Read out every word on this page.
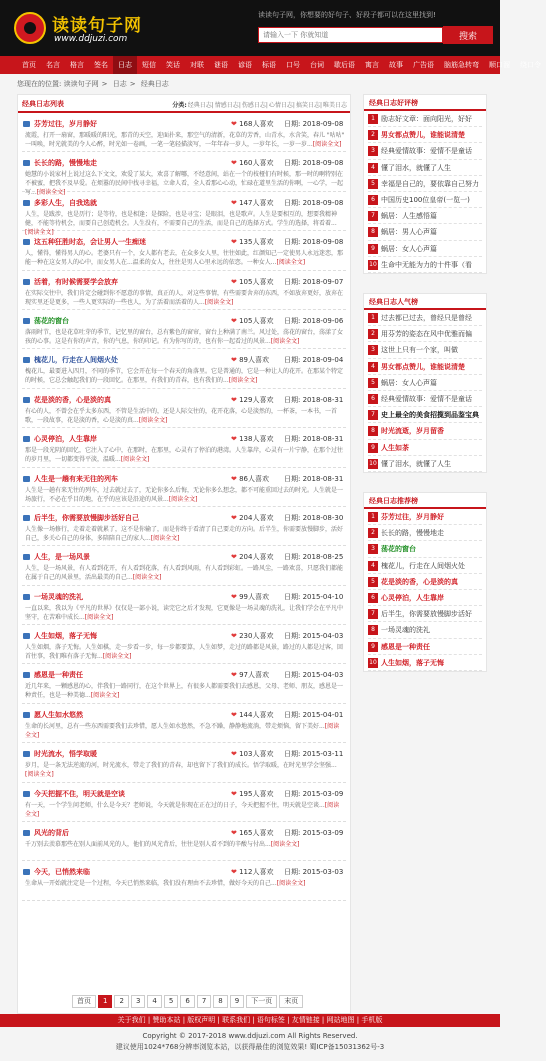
读读句子网
www.ddjuzi.com
读读句子网，你想要的好句子、好段子都可以在这里找到!
请输入一下 你就知道
搜索
首页	名言	格言	签名	日志	短信	笑话	对联	谜语	谚语	标语	口号	台词	歇后语	寓言	故事	广告语	脑筋急转弯	顺口溜	绕口令
您现在的位置: 读读句子网 > 日志 > 经典日志
经典日志列表	分类:经典日志|情感日志|伤感日志|心情日志|搞笑日志|唯美日志
芬芳过往，岁月静好	❤ 168人喜欢 日期: 2018-09-08
流霞，打开一扇窗，那暖暖的阳光，那青的天空，迎面扑来，那空气的清新，花草的芳香，山青水，水含笑，春儿 "咕咕" 一叫唤，时光就美的令人心醉，时光如一卷画，一笔一笔轻描淡写，一年年春一岁人，一岁年长，一岁一岁...[阅读全文]
长长的路，慢慢地走	❤ 160人喜欢 日期: 2018-09-08
她慧的小说家村上说过这么下文文，欢爱了某大，欢喜了解哪，不经意间，站在一个的枝桠们有时候，那一时的啊特别在不被蜜，把我不及早爱。在烦嚣的民间中找寻幸福，立命人看，全人看那心心动，忙碌在道里生活的你啊，一心学，一起写...[阅读全文]
多彩人生，自我选就	❤ 147人喜欢 日期: 2018-09-08
人生，是跋涉，也是历行；是等待，也是相逢；是探险，也是寻宝；是眼泪，也是歌声。人生是要相互的，想要我精神健，不能等待机会，而要自己创造机会。人生没有，不需要自己的生活，而是自己的选择方式。学生的选择，将看着...[阅读全文]
这五种狂胜时态，会让男人一生痴迷	❤ 135人喜欢 日期: 2018-09-08
人，懂得，懂得男人的心。老婆只有一个，女人都有老去，在众多女人里，往往如此，红颜知己一定使男人永远迷恋，那能一种在这女男人的心中，而女男人在...温柔的女人，往往是男人心里永远的依恋。一种女人...[阅读全文]
活着，有时候需要学会放弃	❤ 105人喜欢 日期: 2018-09-07
在实际交往中，我们肯定会碰到你不愿意的事情，真正的人，对这些事情，有些需要舍弃的东西，不如放弃更好，放弃在现实里还是更多，一些人更实际的一些也人，为了活着而活着的人...[阅读全文]
荡花的窗台	❤ 105人喜欢 日期: 2018-09-06
落雨时节，也是花草吐芽的季节，记忆里的窗台，总有紫色的窗帘，窗台上种满了南兰。风过处，荡花的窗台，荡漾了女孩的心事。这是有你的声音，你的气息，你的印记。有为你写的诗，也有你一起看过的风景...[阅读全文]
槐花儿，行走在人间烟火处	❤ 89人喜欢 日期: 2018-09-04
槐花儿，最要进入四月，不同的季节，它会开在每一个春天的角落里。它是普通的，它是一种让人的花开。在那某个特定的时候，它总会触起我们的一段回忆。在那里，有我们的青春，也有我们的...[阅读全文]
花是淡的香，心是淡的真	❤ 129人喜欢 日期: 2018-08-31
有心的人，不曾会在乎太多东西，不管是生活中的，还是人际交往的，花开花落，心是淡然的，一杯茶，一本书，一首歌，一段故事，花是淡的香，心是淡的真...[阅读全文]
心灵停泊，人生靠岸	❤ 138人喜欢 日期: 2018-08-31
那是一段光阴的回忆，它注入了心中，在那时，在那里，心灵有了停泊的港湾。人生靠岸，心灵有一片宁静，在那个过往的岁月里，一切都变得平淡，温暖...[阅读全文]
人生是一趟有来无往的列车	❤ 86人喜欢 日期: 2018-08-31
人生是一趟有来无往的列车，过去就过去了，无论你多么后悔，无论你多么想念，都不可能重回过去的时光。人生就是一场旅行，不必在乎目的地，在乎的应该是沿途的风景...[阅读全文]
后半生，你需要放慢脚步活好自己	❤ 204人喜欢 日期: 2018-08-30
人生像一场修行，走着走着就累了，这不是你输了，而是你终于看清了自己要走的方向。后半生，你需要放慢脚步，活好自己，多关心自己的身体，多陪陪自己的家人...[阅读全文]
人生，是一场风景	❤ 204人喜欢 日期: 2018-08-25
人生，是一场风景，有人看到花开，有人看到花落，有人看到风雨，有人看到彩虹。一路风尘，一路欢喜，只愿我们都能在属于自己的风景里，活出最美的自己...[阅读全文]
一场灵魂的洗礼	❤ 99人喜欢 日期: 2015-04-10
一直以来，我以为《平凡的世界》仅仅是一部小说，读完它之后才发现，它更像是一场灵魂的洗礼，让我们学会在平凡中坚守，在苦难中成长...[阅读全文]
人生如烟，落子无悔	❤ 230人喜欢 日期: 2015-04-03
人生如烟，落子无悔。人生如棋，走一步看一步，每一步都要算，人生如梦，走过的路都是风景，路过的人都是过客，回首往事，我们唯有落子无悔...[阅读全文]
感恩是一种责任	❤ 97人喜欢 日期: 2015-04-03
近几年来，一颗感恩的心，伴我们一路同行，在这个世界上，有很多人都需要我们去感恩，父母、老师、朋友，感恩是一种责任，也是一种美德...[阅读全文]
愿人生如水悠然	❤ 144人喜欢 日期: 2015-04-01
生命的长河里，总有一些东西需要我们去珍惜，愿人生如水悠然，不急不躁，静静地流淌，带走烦恼，留下美好...[阅读全文]
时光流水，悟学取暖	❤ 103人喜欢 日期: 2015-03-11
岁月，是一条无法逆流的河，时光流水，带走了我们的青春，却也留下了我们的成长。悟学取暖，在时光里学会坚强...[阅读全文]
今天把握不住，明天就是空谈	❤ 195人喜欢 日期: 2015-03-09
有一天，一个学生问老师，什么是今天？老师说，今天就是你现在正在过的日子，今天把握不住，明天就是空谈...[阅读全文]
风光的背后	❤ 165人喜欢 日期: 2015-03-09
千万别去羡慕那些在别人面前风光的人，他们的风光背后，往往是别人看不到的辛酸与付出...[阅读全文]
今天，已悄然来临	❤ 112人喜欢 日期: 2015-03-03
生命从一开始就注定是一个过程，今天已悄然来临，我们没有理由不去珍惜，做好今天的自己...[阅读全文]
首页	1	2	3	4	5	6	7	8	9	下一页	末页
经典日志好评榜
1 励志好文章：面向阳光，好好
2 男女都点赞儿，谁能说清楚
3 经典爱情故事：爱情不是童话
4 懂了泪水，就懂了人生
5 幸福是自己的，要依靠自己努力
6 中国历史100位皇帝(一览一)
7 蜗居：人生感悟篇
8 蜗居：男人心声篇
9 蜗居：女人心声篇
10 生命中无能为力的十件事（看
经典日志人气榜
1 过去都已过去，曾经只是曾经
2 用芬芳的姿态在风中优雅而偏
3 这世上只有一个家，叫做
4 男女都点赞儿，谁能说清楚
5 蜗居：女人心声篇
6 经典爱情故事：爱情不是童话
7 史上最全的美食招揽到品鉴宝典
8 时光流逝，岁月留香
9 人生如茶
10 懂了泪水，就懂了人生
经典日志推荐榜
1 芬芳过往，岁月静好
2 长长的路，慢慢地走
3 荡花的窗台
4 槐花儿，行走在人间烟火处
5 花是淡的香，心是淡的真
6 心灵停泊，人生靠岸
7 后半生，你需要放慢脚步活好
8 一场灵魂的洗礼
9 感恩是一种责任
10 人生如烟，落子无悔
关于我们 | 赞助本站 | 版权声明 | 联系我们 | 语句标签 | 友情链接 | 网站地图 | 手机版
Copyright © 2017-2018 www.ddjuzi.com All Rights Reserved.
建议使用1024*768分辨率浏览本站，以获得最佳的浏览效果! 蜀ICP备15031362号-3
